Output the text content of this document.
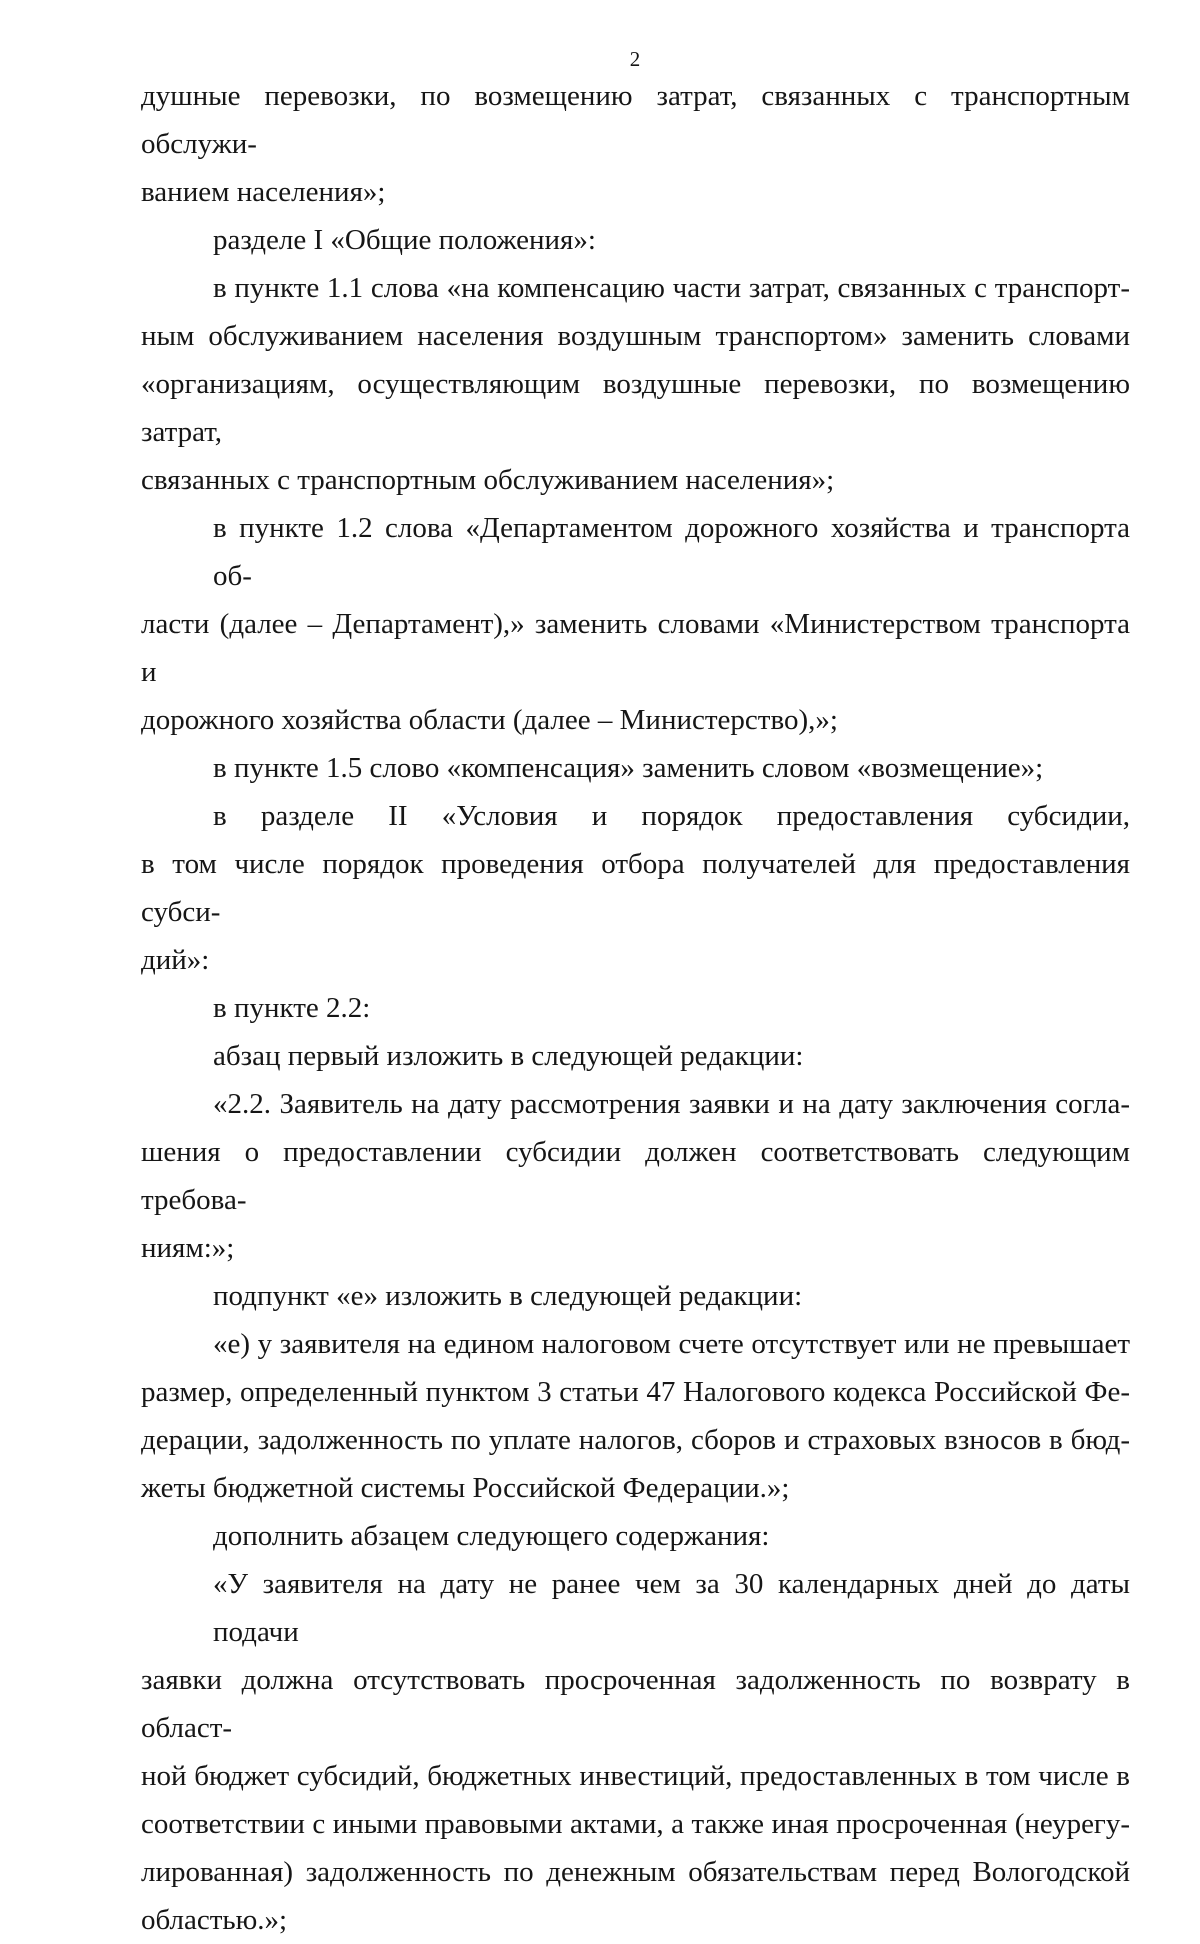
2
душные перевозки, по возмещению затрат, связанных с транспортным обслужи-
ванием населения»;
разделе I «Общие положения»:
в пункте 1.1 слова «на компенсацию части затрат, связанных с транспорт-
ным обслуживанием населения воздушным транспортом» заменить словами
«организациям, осуществляющим воздушные перевозки, по возмещению затрат,
связанных с транспортным обслуживанием населения»;
в пункте 1.2 слова «Департаментом дорожного хозяйства и транспорта об-
ласти (далее – Департамент),» заменить словами «Министерством транспорта и
дорожного хозяйства области (далее – Министерство),»;
в пункте 1.5 слово «компенсация» заменить словом «возмещение»;
в разделе II «Условия и порядок предоставления субсидии,
в том числе порядок проведения отбора получателей для предоставления субси-
дий»:
в пункте 2.2:
абзац первый изложить в следующей редакции:
«2.2. Заявитель на дату рассмотрения заявки и на дату заключения согла-
шения о предоставлении субсидии должен соответствовать следующим требова-
ниям:»;
подпункт «е» изложить в следующей редакции:
«е) у заявителя на едином налоговом счете отсутствует или не превышает
размер, определенный пунктом 3 статьи 47 Налогового кодекса Российской Фе-
дерации, задолженность по уплате налогов, сборов и страховых взносов в бюд-
жеты бюджетной системы Российской Федерации.»;
дополнить абзацем следующего содержания:
«У заявителя на дату не ранее чем за 30 календарных дней до даты подачи
заявки должна отсутствовать просроченная задолженность по возврату в област-
ной бюджет субсидий, бюджетных инвестиций, предоставленных в том числе в
соответствии с иными правовыми актами, а также иная просроченная (неурегу-
лированная) задолженность по денежным обязательствам перед Вологодской
областью.»;
